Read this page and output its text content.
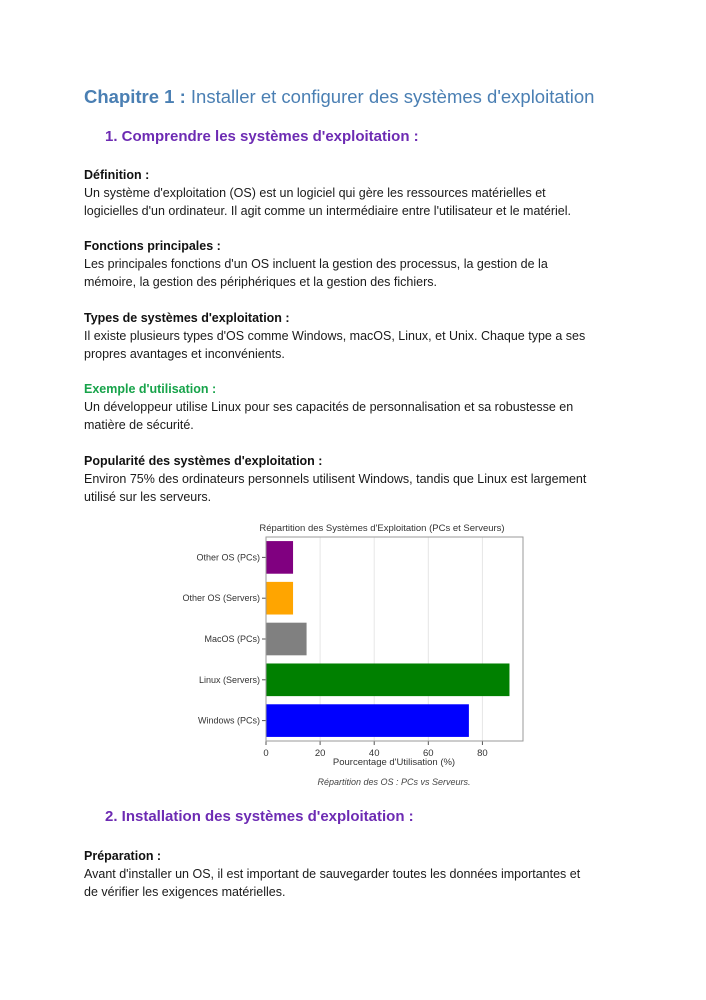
Chapitre 1 : Installer et configurer des systèmes d'exploitation
1. Comprendre les systèmes d'exploitation :

Définition :

Un système d'exploitation (OS) est un logiciel qui gère les ressources matérielles et

logicielles d'un ordinateur. Il agit comme un intermédiaire entre l'utilisateur et le matériel.

Fonctions principales :

Les principales fonctions d'un OS incluent la gestion des processus, la gestion de la

mémoire, la gestion des périphériques et la gestion des fichiers.

Types de systèmes d'exploitation :

Il existe plusieurs types d'OS comme Windows, macOS, Linux, et Unix. Chaque type a ses

propres avantages et inconvénients.

Exemple d'utilisation :

Un développeur utilise Linux pour ses capacités de personnalisation et sa robustesse en

matière de sécurité.

Popularité des systèmes d'exploitation :

Environ 75% des ordinateurs personnels utilisent Windows, tandis que Linux est largement

utilisé sur les serveurs.

Répartition des Systèmes d'Exploitation (PCs et Serveurs)
Other OS (PCs)
Other OS (Servers)
MacOS (PCs)
Linux (Servers)
Windows (PCs)
0	20	40	60	80
Pourcentage d'Utilisation (%)
Répartition des OS : PCs vs Serveurs.
2. Installation des systèmes d'exploitation :

Préparation :

Avant d'installer un OS, il est important de sauvegarder toutes les données importantes et

de vérifier les exigences matérielles.
